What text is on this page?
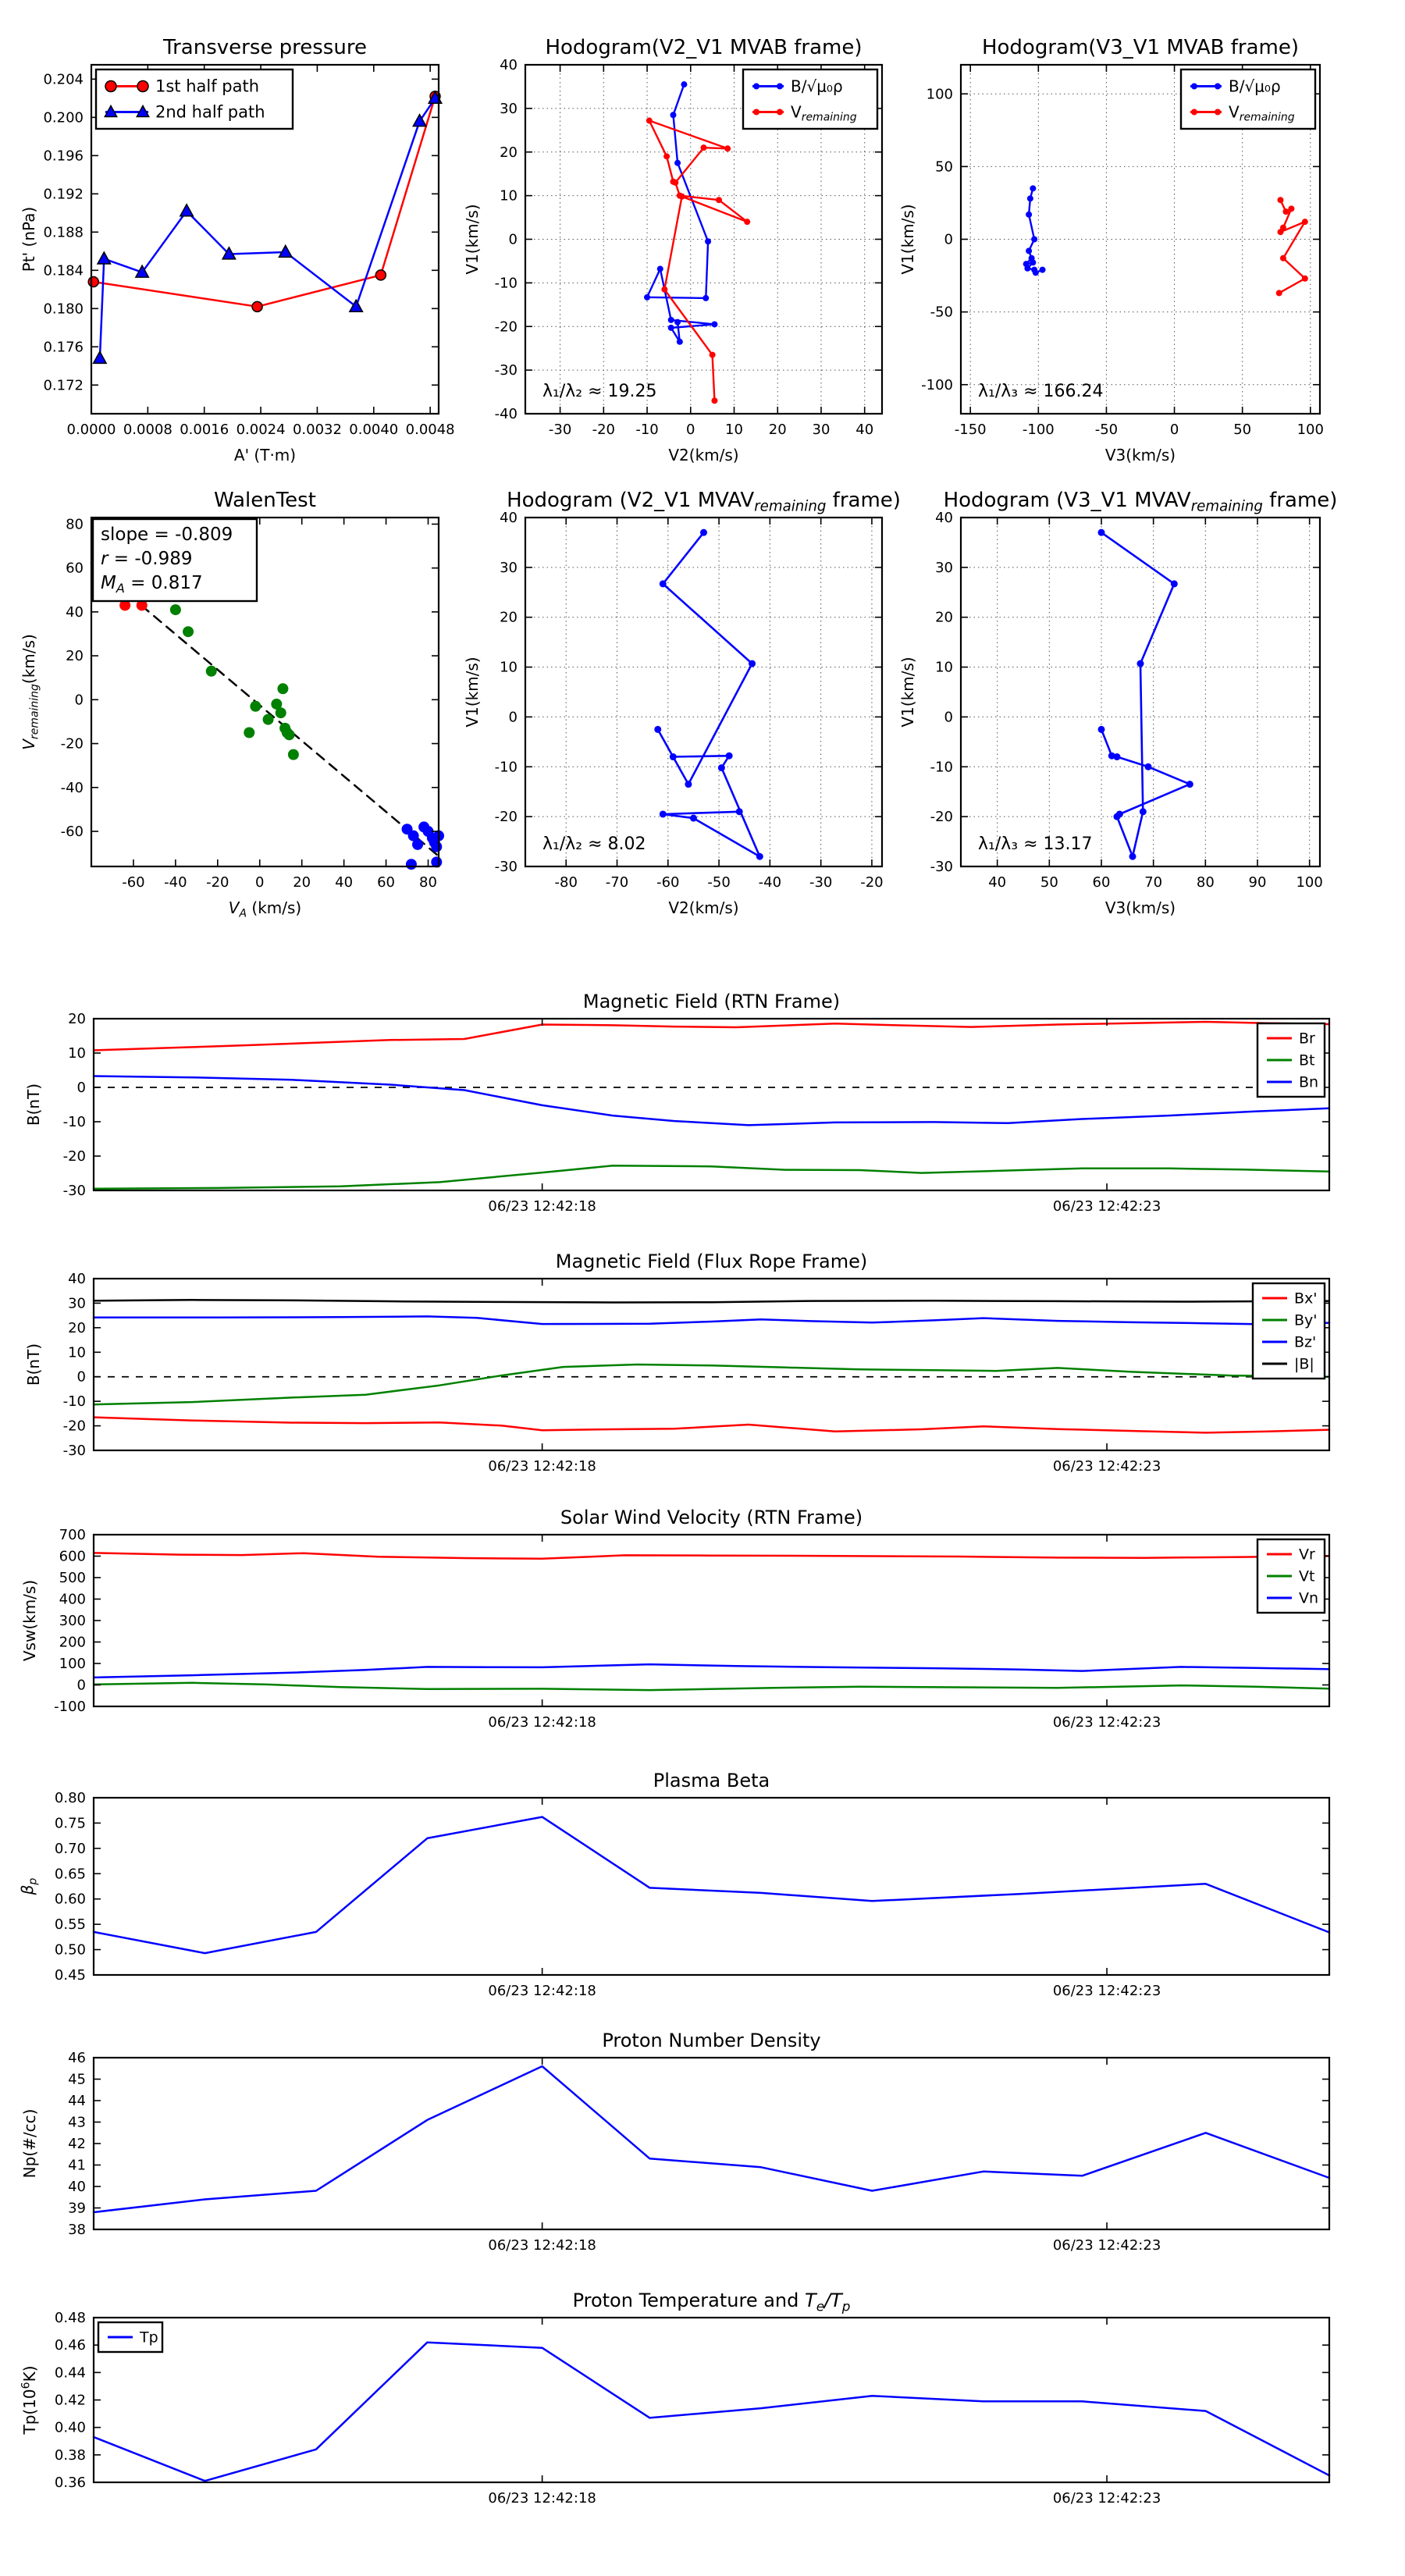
0.0000 0.0008 0.0016 0.0024 0.0032 0.0040 0.0048
0.172
0.176
0.180
0.184
0.188
0.192
0.196
0.200
0.204
Transverse pressure
A' (T·m)
Pt' (nPa)
1st half path
2nd half path
-30 -20 -10 0 10 20 30 40
-40
-30
-20
-10
0
10
20
30
40
Hodogram(V2_V1 MVAB frame)
V2(km/s)
V1(km/s)
λ₁/λ₂ ≈ 19.25
B/√μ₀ρ
$V_{remaining}$
-150	-100	-50	0	50	100
-100
-50
0
50
100
Hodogram(V3_V1 MVAB frame)
V3(km/s)
V1(km/s)
λ₁/λ₃ ≈ 166.24
B/√μ₀ρ
$V_{remaining}$
-60 -40 -20 0 20 40 60 80
-60
-40
-20
0
20
40
60
80
WalenTest
$V_A$ (km/s)
$V_{remaining}(km/s)$
slope = -0.809
r = -0.989
$M_A = 0.817$
-80 -70 -60 -50 -40 -30 -20
-30
-20
-10
0
10
20
30
40
Hodogram (V2_V1 $MVAV_{remaining}$ frame)
V2(km/s)
V1(km/s)
λ₁/λ₂ ≈ 8.02
40 50 60 70 80 90 100
-30
-20
-10
0
10
20
30
40
Hodogram (V3_V1 $MVAV_{remaining}$ frame)
V3(km/s)
V1(km/s)
λ₁/λ₃ ≈ 13.17
06/23 12:42:18	06/23 12:42:23
-30
-20
-10
0
10
20
Magnetic Field (RTN Frame)
B(nT)
Br
Bt
Bn
06/23 12:42:18	06/23 12:42:23
-30
-20
-10
0
10
20
30
40
Magnetic Field (Flux Rope Frame)
B(nT)
Bx'
By'
Bz'
|B|
06/23 12:42:18	06/23 12:42:23
-100
0
100
200
300
400
500
600
700
Solar Wind Velocity (RTN Frame)
Vsw(km/s)
Vr
Vt
Vn
06/23 12:42:18	06/23 12:42:23
0.45
0.50
0.55
0.60
0.65
0.70
0.75
0.80
Plasma Beta
$\beta_p$
06/23 12:42:18	06/23 12:42:23
38
39
40
41
42
43
44
45
46
Proton Number Density
Np(#/cc)
06/23 12:42:18	06/23 12:42:23
0.36
0.38
0.40
0.42
0.44
0.46
0.48
Proton Temperature and $T_e/T_p$
$Tp(10^6K)$
Tp
